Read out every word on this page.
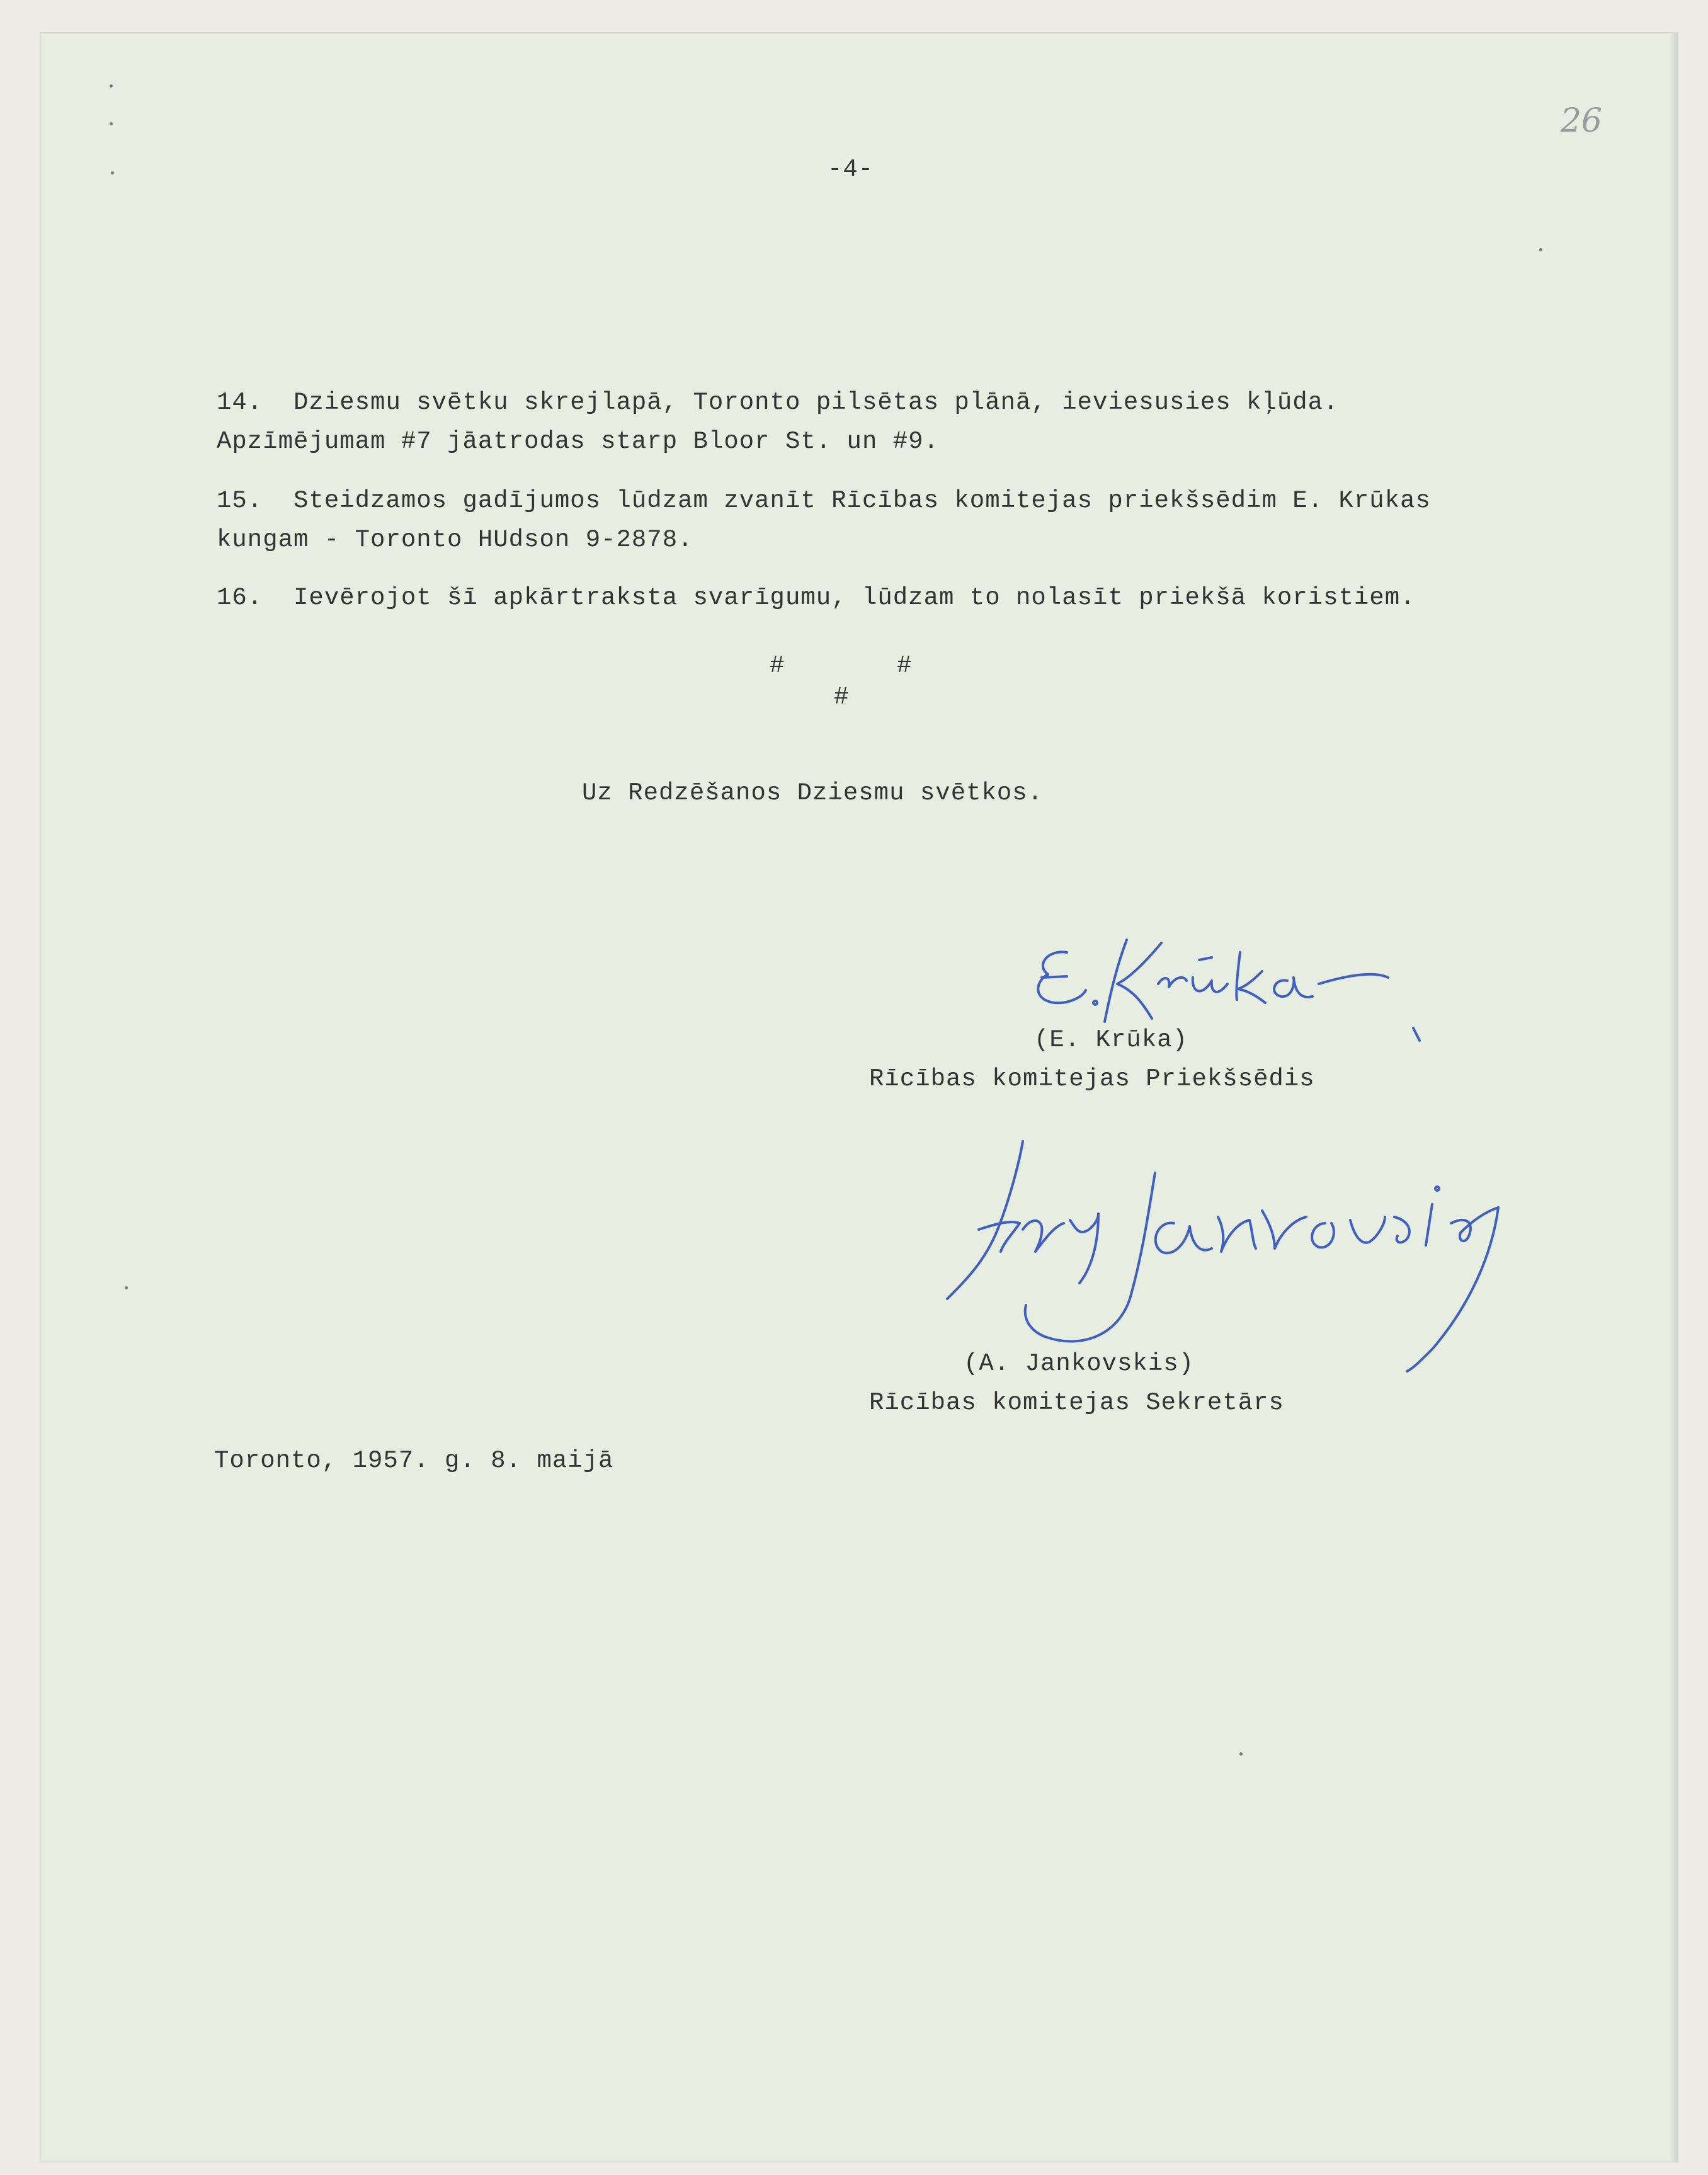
26

-4-

14.  Dziesmu svētku skrejlapā, Toronto pilsētas plānā, ieviesusies kļūda.
Apzīmējumam #7 jāatrodas starp Bloor St. un #9.
15.  Steidzamos gadījumos lūdzam zvanīt Rīcības komitejas priekšsēdim E. Krūkas
kungam - Toronto HUdson 9-2878.
16.  Ievērojot šī apkārtraksta svarīgumu, lūdzam to nolasīt priekšā koristiem.
#
#
#

Uz Redzēšanos Dziesmu svētkos.

(E. Krūka)
Rīcības komitejas Priekšsēdis
(A. Jankovskis)
Rīcības komitejas Sekretārs

Toronto, 1957. g. 8. maijā
